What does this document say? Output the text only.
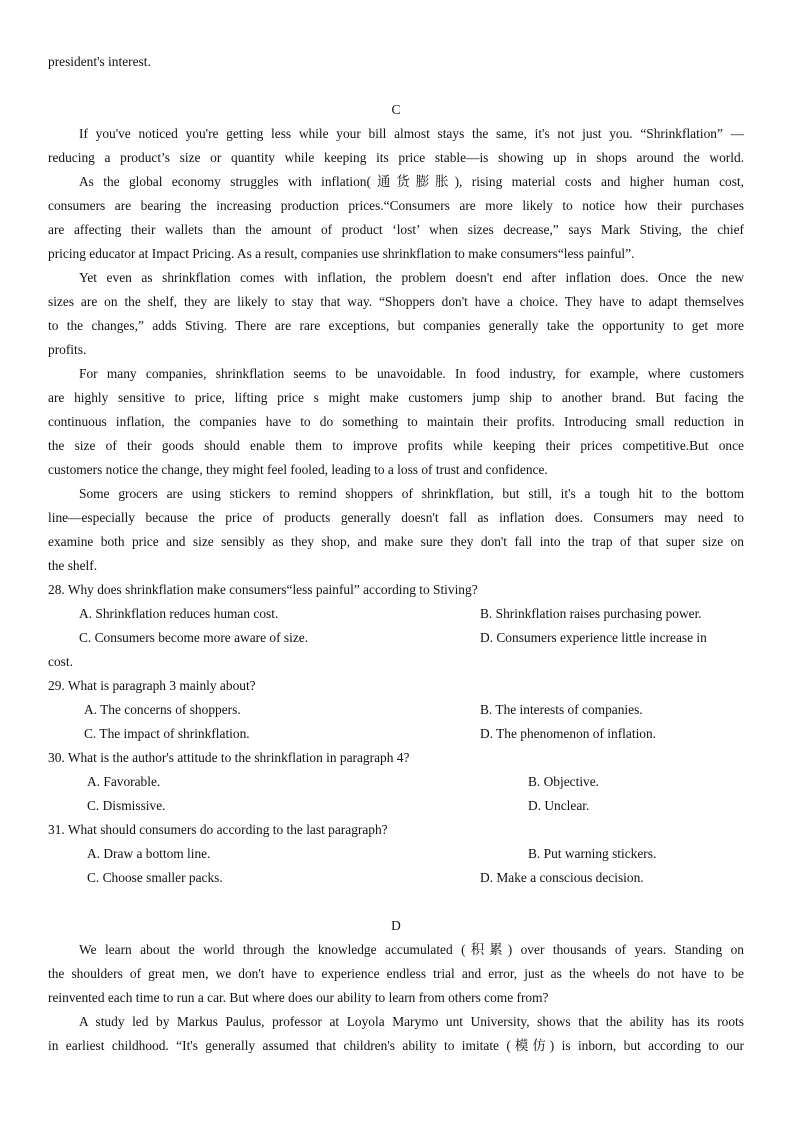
president's interest.
C
If you've noticed you're getting less while your bill almost stays the same, it's not just you. “Shrinkflation” —
reducing a product’s size or quantity while keeping its price stable—is showing up in shops around the world.
As the global economy struggles with inflation(通货膨胀), rising material costs and higher human cost,
consumers are bearing the increasing production prices.“Consumers are more likely to notice how their purchases
are affecting their wallets than the amount of product ‘lost’ when sizes decrease,” says Mark Stiving, the chief
pricing educator at Impact Pricing. As a result, companies use shrinkflation to make consumers“less painful”.
Yet even as shrinkflation comes with inflation, the problem doesn't end after inflation does. Once the new
sizes are on the shelf, they are likely to stay that way. “Shoppers don't have a choice. They have to adapt themselves
to the changes,” adds Stiving. There are rare exceptions, but companies generally take the opportunity to get more
profits.
For many companies, shrinkflation seems to be unavoidable. In food industry, for example, where customers
are highly sensitive to price, lifting price s might make customers jump ship to another brand. But facing the
continuous inflation, the companies have to do something to maintain their profits. Introducing small reduction in
the size of their goods should enable them to improve profits while keeping their prices competitive.But once
customers notice the change, they might feel fooled, leading to a loss of trust and confidence.
Some grocers are using stickers to remind shoppers of shrinkflation, but still, it's a tough hit to the bottom
line—especially because the price of products generally doesn't fall as inflation does. Consumers may need to
examine both price and size sensibly as they shop, and make sure they don't fall into the trap of that super size on
the shelf.
28. Why does shrinkflation make consumers“less painful” according to Stiving?
A. Shrinkflation reduces human cost.	B. Shrinkflation raises purchasing power.
C. Consumers become more aware of size.	D. Consumers experience little increase in
cost.
29. What is paragraph 3 mainly about?
A. The concerns of shoppers.	B. The interests of companies.
C. The impact of shrinkflation.	D. The phenomenon of inflation.
30. What is the author's attitude to the shrinkflation in paragraph 4?
A. Favorable.	B. Objective.
C. Dismissive.	D. Unclear.
31. What should consumers do according to the last paragraph?
A. Draw a bottom line.	B. Put warning stickers.
C. Choose smaller packs.	D. Make a conscious decision.
D
We learn about the world through the knowledge accumulated (积累) over thousands of years. Standing on
the shoulders of great men, we don't have to experience endless trial and error, just as the wheels do not have to be
reinvented each time to run a car. But where does our ability to learn from others come from?
A study led by Markus Paulus, professor at Loyola Marymo unt University, shows that the ability has its roots
in earliest childhood. “It's generally assumed that children's ability to imitate (模仿) is inborn, but according to our
